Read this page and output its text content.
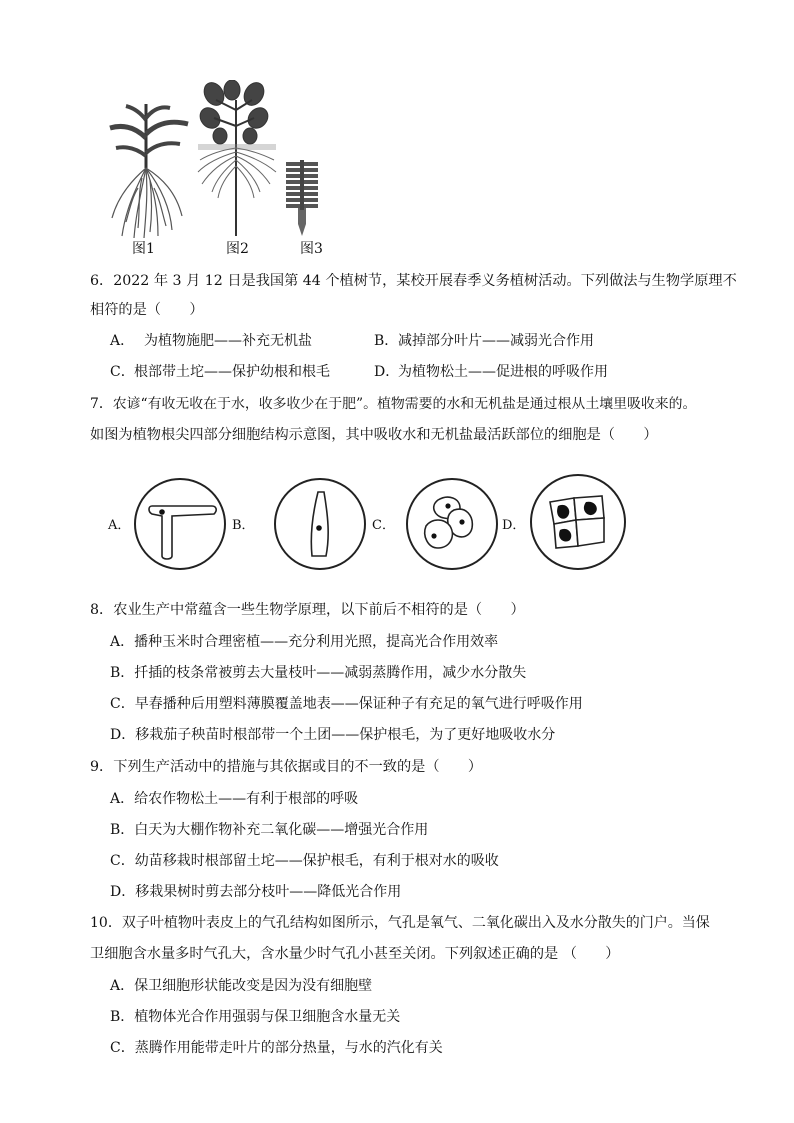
图1	图2	图3
6．2022 年 3 月 12 日是我国第 44 个植树节，某校开展春季义务植树活动。下列做法与生物学原理不
相符的是（　　）
A． 为植物施肥——补充无机盐	B．减掉部分叶片——减弱光合作用
C．根部带土坨——保护幼根和根毛	D．为植物松土——促进根的呼吸作用
7．农谚“有收无收在于水，收多收少在于肥”。植物需要的水和无机盐是通过根从土壤里吸收来的。
如图为植物根尖四部分细胞结构示意图，其中吸收水和无机盐最活跃部位的细胞是（　　）
A．	B．	C．	D．
8．农业生产中常蕴含一些生物学原理，以下前后不相符的是（　　）
A．播种玉米时合理密植——充分利用光照，提高光合作用效率
B．扦插的枝条常被剪去大量枝叶——减弱蒸腾作用，减少水分散失
C．早春播种后用塑料薄膜覆盖地表——保证种子有充足的氧气进行呼吸作用
D．移栽茄子秧苗时根部带一个土团——保护根毛，为了更好地吸收水分
9．下列生产活动中的措施与其依据或目的不一致的是（　　）
A．给农作物松土——有利于根部的呼吸
B．白天为大棚作物补充二氧化碳——增强光合作用
C．幼苗移栽时根部留土坨——保护根毛，有利于根对水的吸收
D．移栽果树时剪去部分枝叶——降低光合作用
10．双子叶植物叶表皮上的气孔结构如图所示，气孔是氧气、二氧化碳出入及水分散失的门户。当保
卫细胞含水量多时气孔大，含水量少时气孔小甚至关闭。下列叙述正确的是 （　　）
A．保卫细胞形状能改变是因为没有细胞壁
B．植物体光合作用强弱与保卫细胞含水量无关
C．蒸腾作用能带走叶片的部分热量，与水的汽化有关
